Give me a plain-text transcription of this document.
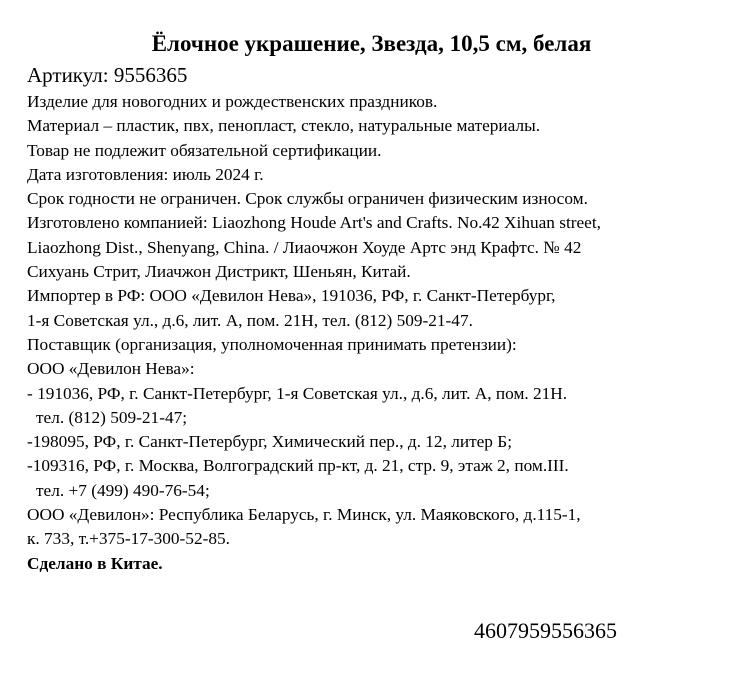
Ёлочное украшение, Звезда, 10,5 см, белая
Артикул: 9556365
Изделие для новогодних и рождественских праздников.
Материал – пластик, пвх, пенопласт, стекло, натуральные материалы.
Товар не подлежит обязательной сертификации.
Дата изготовления: июль 2024 г.
Срок годности не ограничен. Срок службы ограничен физическим износом.
Изготовлено компанией: Liaozhong Houde Art's and Crafts. No.42 Xihuan street,
Liaozhong Dist., Shenyang, China. / Лиаочжон Хоуде Артс энд Крафтс. № 42
Сихуань Стрит, Лиачжон Дистрикт, Шеньян, Китай.
Импортер в РФ: ООО «Девилон Нева», 191036, РФ, г. Санкт-Петербург,
1-я Советская ул., д.6, лит. А, пом. 21Н, тел. (812) 509-21-47.
Поставщик (организация, уполномоченная принимать претензии):
ООО «Девилон Нева»:
- 191036, РФ, г. Санкт-Петербург, 1-я Советская ул., д.6, лит. А, пом. 21Н.
тел. (812) 509-21-47;
-198095, РФ, г. Санкт-Петербург, Химический пер., д. 12, литер Б;
-109316, РФ, г. Москва, Волгоградский пр-кт, д. 21, стр. 9, этаж 2, пом.III.
тел. +7 (499) 490-76-54;
ООО «Девилон»: Республика Беларусь, г. Минск, ул. Маяковского, д.115-1,
к. 733, т.+375-17-300-52-85.
Сделано в Китае.
4607959556365
